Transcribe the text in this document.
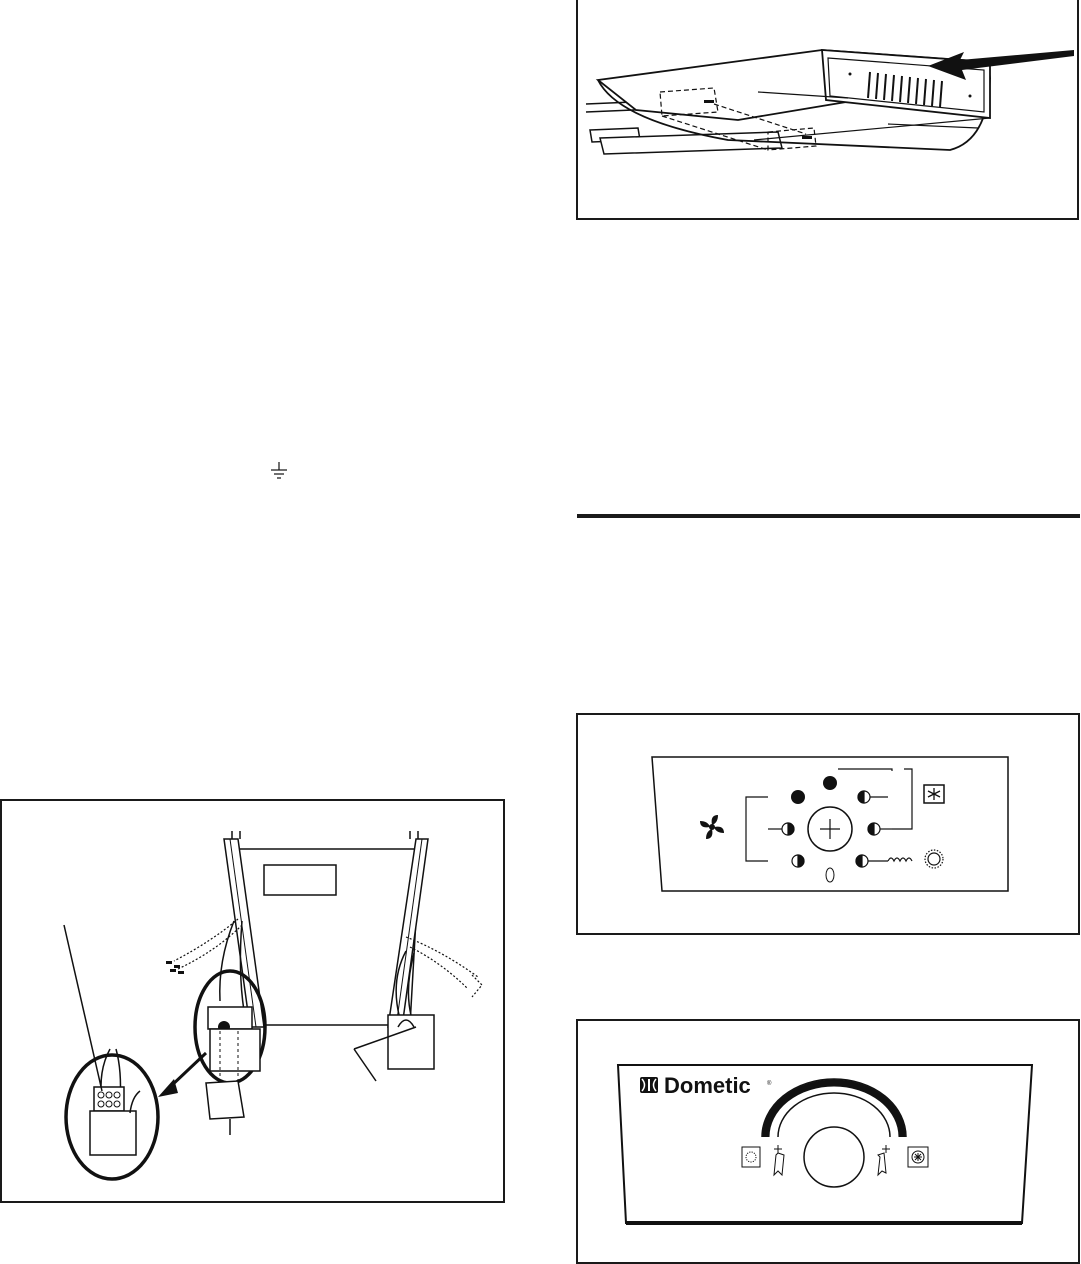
Dometic	®
